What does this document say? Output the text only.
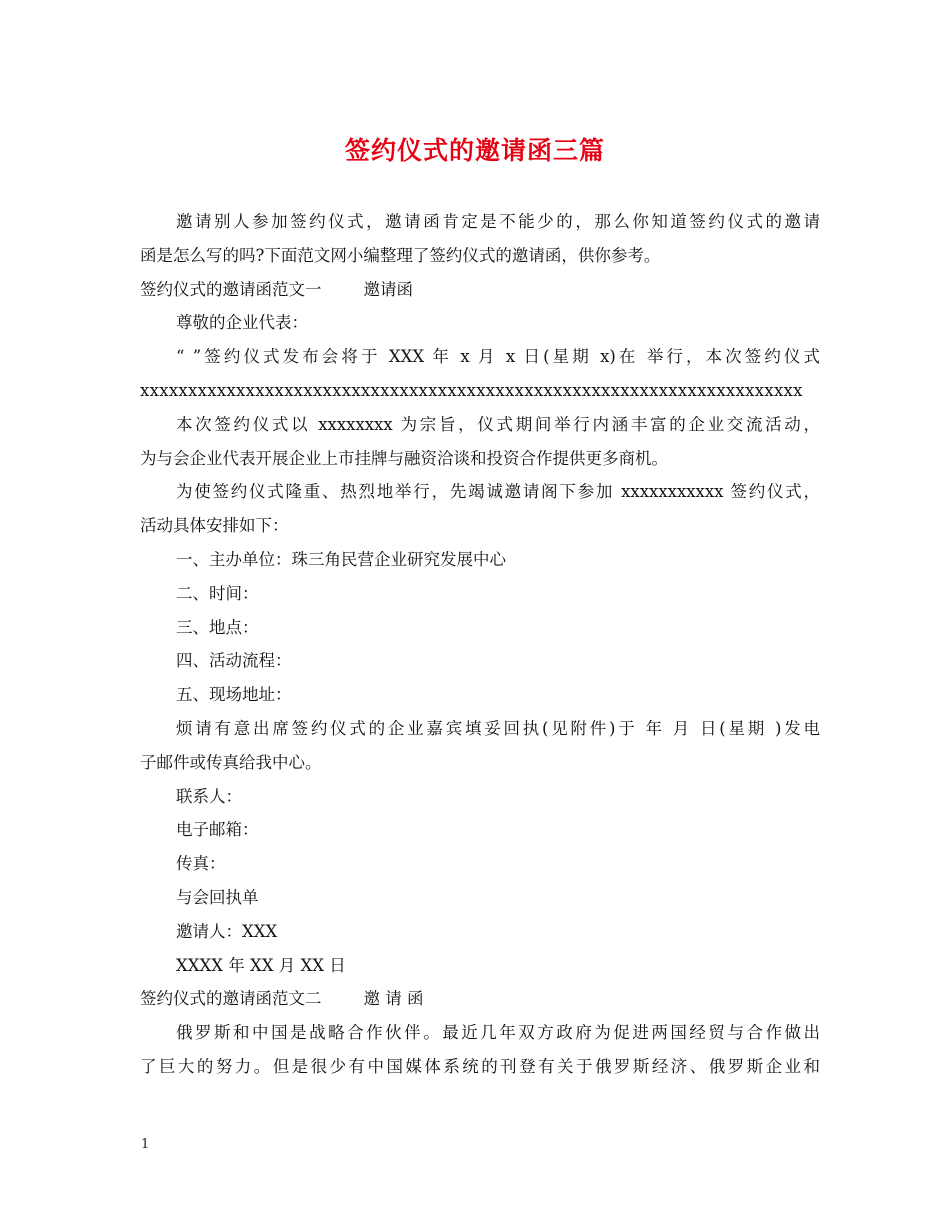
签约仪式的邀请函三篇

邀请别人参加签约仪式，邀请函肯定是不能少的，那么你知道签约仪式的邀请

函是怎么写的吗?下面范文网小编整理了签约仪式的邀请函，供你参考。

签约仪式的邀请函范文一	邀请函

尊敬的企业代表：

“ ”签约仪式发布会将于 XXX 年 x 月 x 日(星期 x)在 举行，本次签约仪式

xxxxxxxxxxxxxxxxxxxxxxxxxxxxxxxxxxxxxxxxxxxxxxxxxxxxxxxxxxxxxxxxxxxxx

本次签约仪式以 xxxxxxxx 为宗旨，仪式期间举行内涵丰富的企业交流活动，

为与会企业代表开展企业上市挂牌与融资洽谈和投资合作提供更多商机。

为使签约仪式隆重、热烈地举行，先竭诚邀请阁下参加 xxxxxxxxxxx 签约仪式，

活动具体安排如下：

一、主办单位：珠三角民营企业研究发展中心

二、时间：

三、地点：

四、活动流程：

五、现场地址：

烦请有意出席签约仪式的企业嘉宾填妥回执(见附件)于 年 月 日(星期 )发电

子邮件或传真给我中心。

联系人：

电子邮箱：

传真：

与会回执单

邀请人：XXX

XXXX 年 XX 月 XX 日

签约仪式的邀请函范文二	邀 请 函

俄罗斯和中国是战略合作伙伴。最近几年双方政府为促进两国经贸与合作做出

了巨大的努力。但是很少有中国媒体系统的刊登有关于俄罗斯经济、俄罗斯企业和

1
